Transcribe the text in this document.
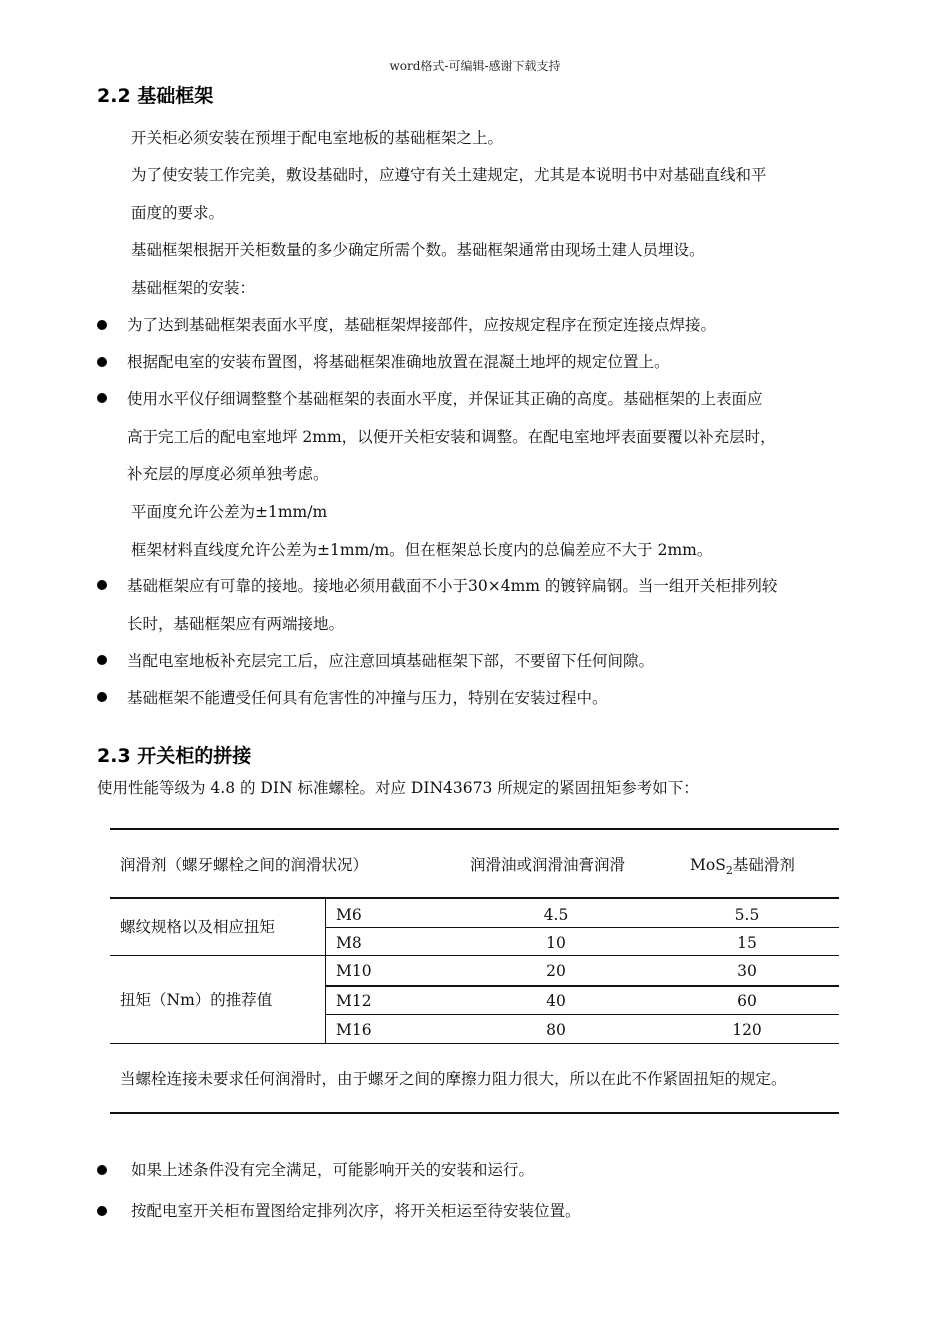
word格式-可编辑-感谢下载支持
2.2 基础框架
开关柜必须安装在预埋于配电室地板的基础框架之上。
为了使安装工作完美，敷设基础时，应遵守有关土建规定，尤其是本说明书中对基础直线和平
面度的要求。
基础框架根据开关柜数量的多少确定所需个数。基础框架通常由现场土建人员埋设。
基础框架的安装：
为了达到基础框架表面水平度，基础框架焊接部件，应按规定程序在预定连接点焊接。
根据配电室的安装布置图，将基础框架准确地放置在混凝土地坪的规定位置上。
使用水平仪仔细调整整个基础框架的表面水平度，并保证其正确的高度。基础框架的上表面应
高于完工后的配电室地坪 2mm，以便开关柜安装和调整。在配电室地坪表面要覆以补充层时，
补充层的厚度必须单独考虑。
平面度允许公差为±1mm/m
框架材料直线度允许公差为±1mm/m。但在框架总长度内的总偏差应不大于 2mm。
基础框架应有可靠的接地。接地必须用截面不小于30×4mm 的镀锌扁钢。当一组开关柜排列较
长时，基础框架应有两端接地。
当配电室地板补充层完工后，应注意回填基础框架下部，不要留下任何间隙。
基础框架不能遭受任何具有危害性的冲撞与压力，特别在安装过程中。
2.3 开关柜的拼接
使用性能等级为 4.8 的 DIN 标准螺栓。对应 DIN43673 所规定的紧固扭矩参考如下：
润滑剂（螺牙螺栓之间的润滑状况）	润滑油或润滑油膏润滑	MoS$_2$基础滑剂
螺纹规格以及相应扭矩
扭矩（Nm）的推荐值
M6	4.5	5.5
M8	10	15
M10	20	30
M12	40	60
M16	80	120
当螺栓连接未要求任何润滑时，由于螺牙之间的摩擦力阻力很大，所以在此不作紧固扭矩的规定。
如果上述条件没有完全满足，可能影响开关的安装和运行。
按配电室开关柜布置图给定排列次序，将开关柜运至待安装位置。
